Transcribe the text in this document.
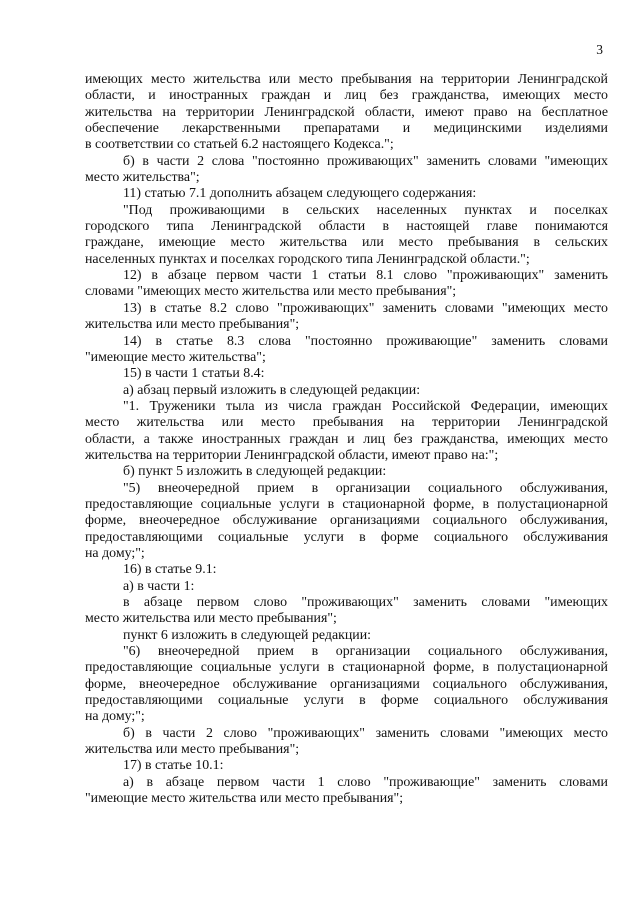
3
имеющих место жительства или место пребывания на территории Ленинградской
области, и иностранных граждан и лиц без гражданства, имеющих место
жительства на территории Ленинградской области, имеют право на бесплатное
обеспечение лекарственными препаратами и медицинскими изделиями
в соответствии со статьей 6.2 настоящего Кодекса.";
б) в части 2 слова "постоянно проживающих" заменить словами "имеющих
место жительства";
11) статью 7.1 дополнить абзацем следующего содержания:
"Под проживающими в сельских населенных пунктах и поселках
городского типа Ленинградской области в настоящей главе понимаются
граждане, имеющие место жительства или место пребывания в сельских
населенных пунктах и поселках городского типа Ленинградской области.";
12) в абзаце первом части 1 статьи 8.1 слово "проживающих" заменить
словами "имеющих место жительства или место пребывания";
13) в статье 8.2 слово "проживающих" заменить словами "имеющих место
жительства или место пребывания";
14) в статье 8.3 слова "постоянно проживающие" заменить словами
"имеющие место жительства";
15) в части 1 статьи 8.4:
а) абзац первый изложить в следующей редакции:
"1. Труженики тыла из числа граждан Российской Федерации, имеющих
место жительства или место пребывания на территории Ленинградской
области, а также иностранных граждан и лиц без гражданства, имеющих место
жительства на территории Ленинградской области, имеют право на:";
б) пункт 5 изложить в следующей редакции:
"5) внеочередной прием в организации социального обслуживания,
предоставляющие социальные услуги в стационарной форме, в полустационарной
форме, внеочередное обслуживание организациями социального обслуживания,
предоставляющими социальные услуги в форме социального обслуживания
на дому;";
16) в статье 9.1:
а) в части 1:
в абзаце первом слово "проживающих" заменить словами "имеющих
место жительства или место пребывания";
пункт 6 изложить в следующей редакции:
"6) внеочередной прием в организации социального обслуживания,
предоставляющие социальные услуги в стационарной форме, в полустационарной
форме, внеочередное обслуживание организациями социального обслуживания,
предоставляющими социальные услуги в форме социального обслуживания
на дому;";
б) в части 2 слово "проживающих" заменить словами "имеющих место
жительства или место пребывания";
17) в статье 10.1:
а) в абзаце первом части 1 слово "проживающие" заменить словами
"имеющие место жительства или место пребывания";
